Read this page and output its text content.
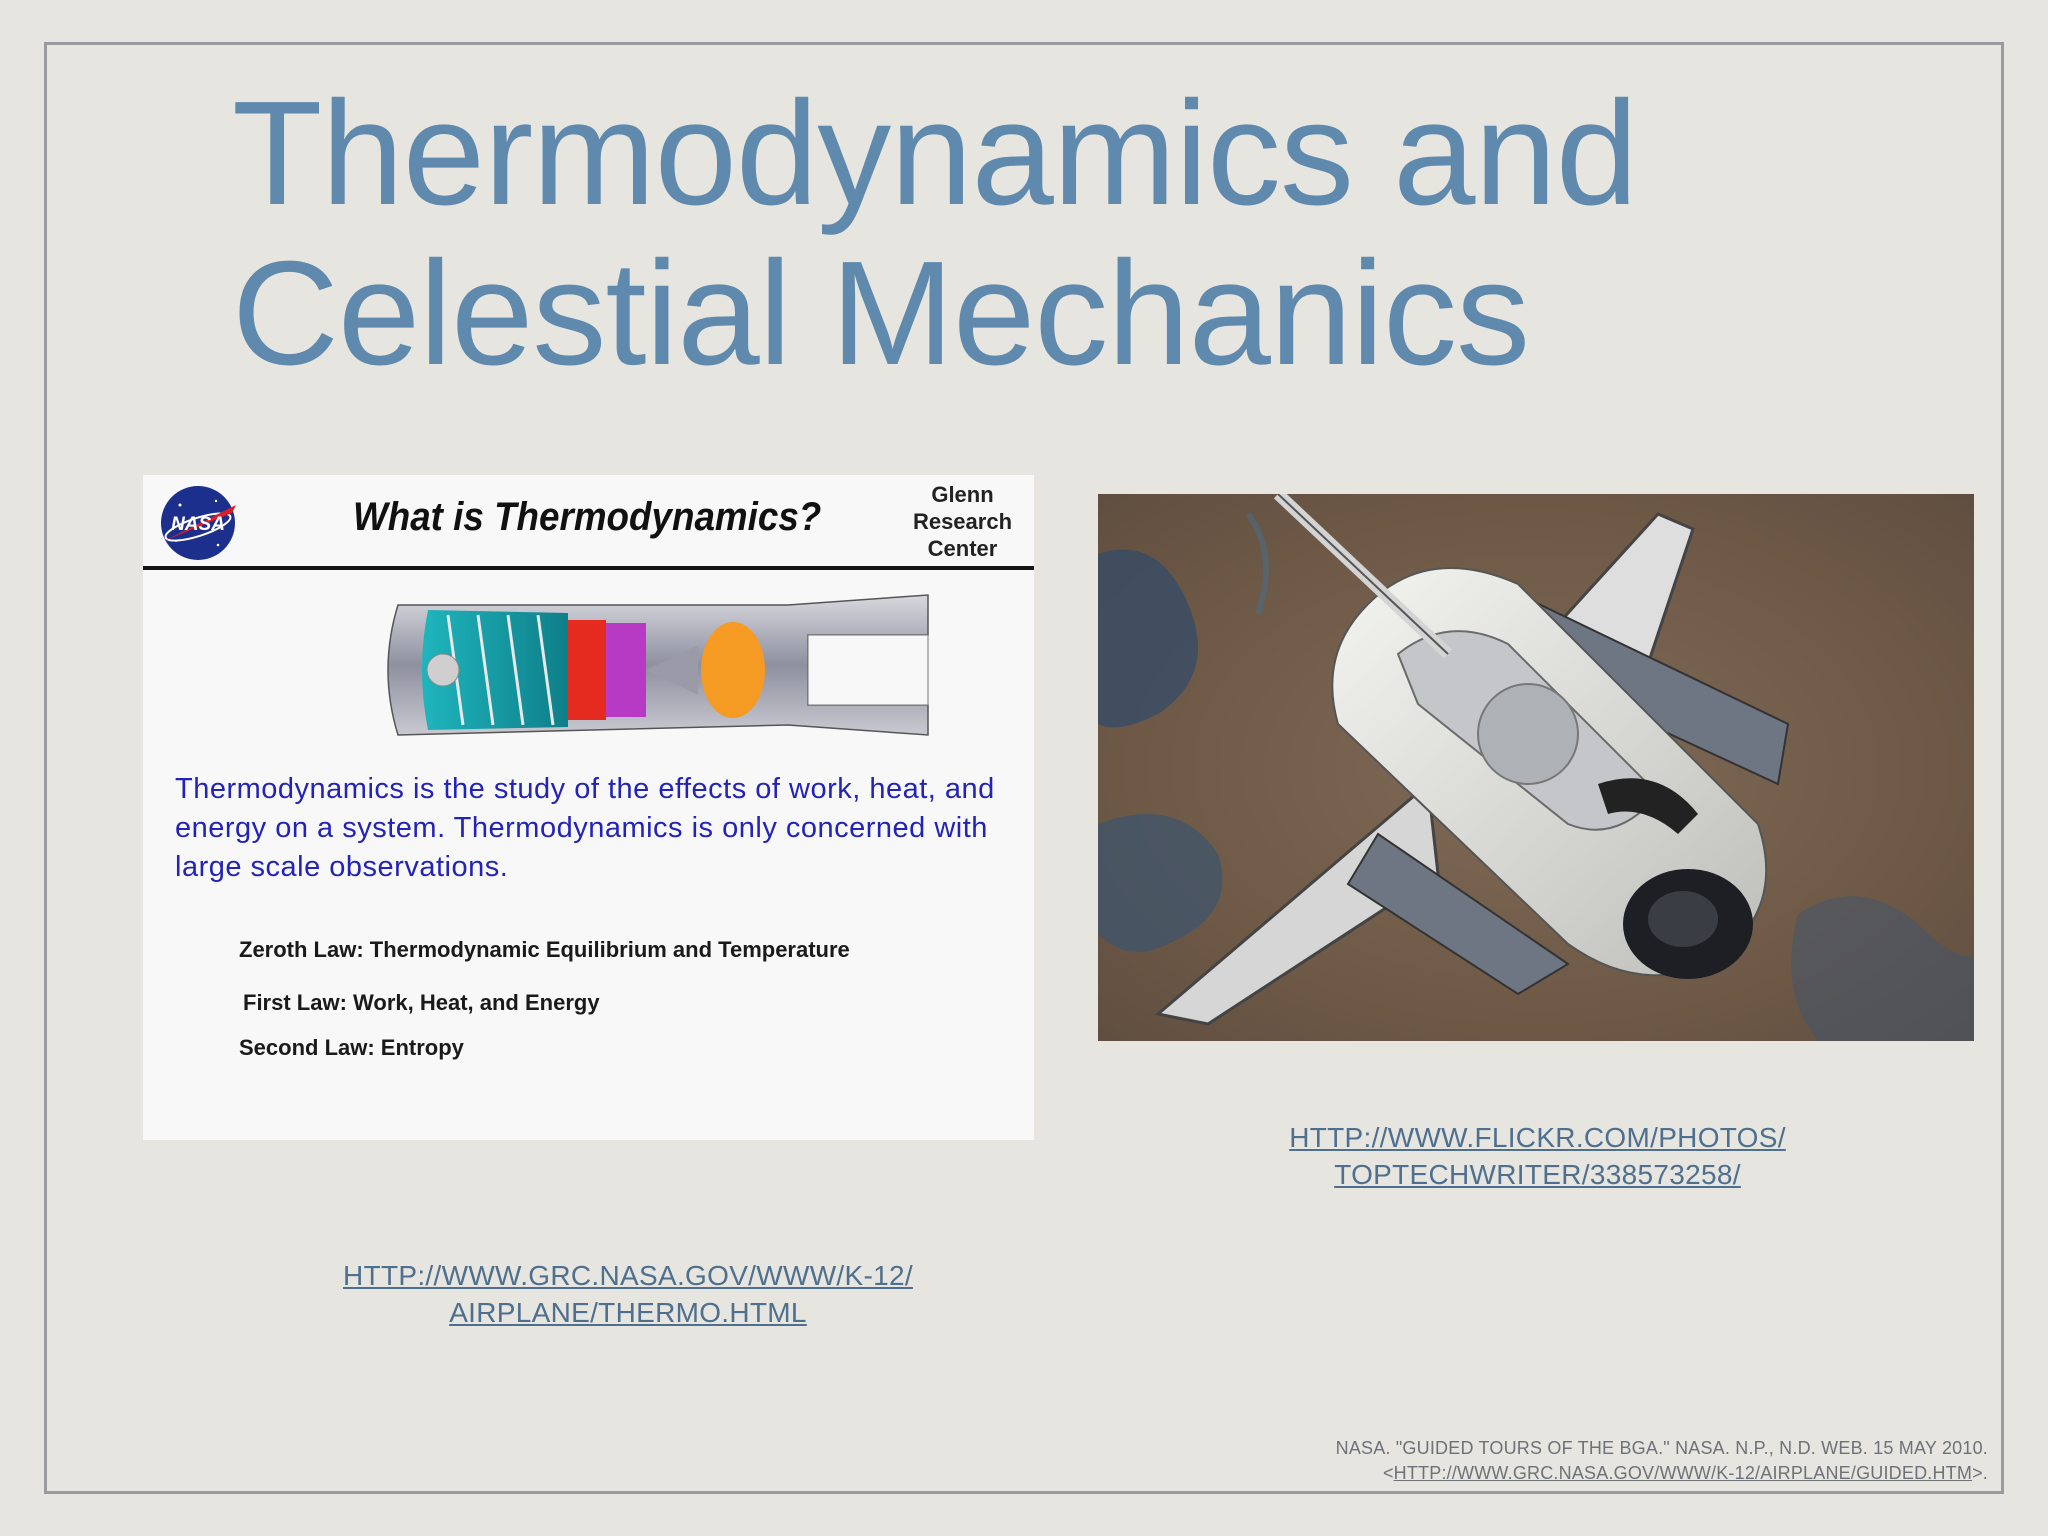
Thermodynamics and
Celestial Mechanics
NASA	What is Thermodynamics?
Glenn
Research
Center

Thermodynamics is the study of the effects of work, heat, and energy on a system. Thermodynamics is only concerned with large scale observations.

Zeroth Law: Thermodynamic Equilibrium and Temperature
First Law: Work, Heat, and Energy
Second Law: Entropy
HTTP://WWW.FLICKR.COM/PHOTOS/
TOPTECHWRITER/338573258/
HTTP://WWW.GRC.NASA.GOV/WWW/K-12/
AIRPLANE/THERMO.HTML
NASA. "GUIDED TOURS OF THE BGA." NASA. N.P., N.D. WEB. 15 MAY 2010.
<HTTP://WWW.GRC.NASA.GOV/WWW/K-12/AIRPLANE/GUIDED.HTM>.
